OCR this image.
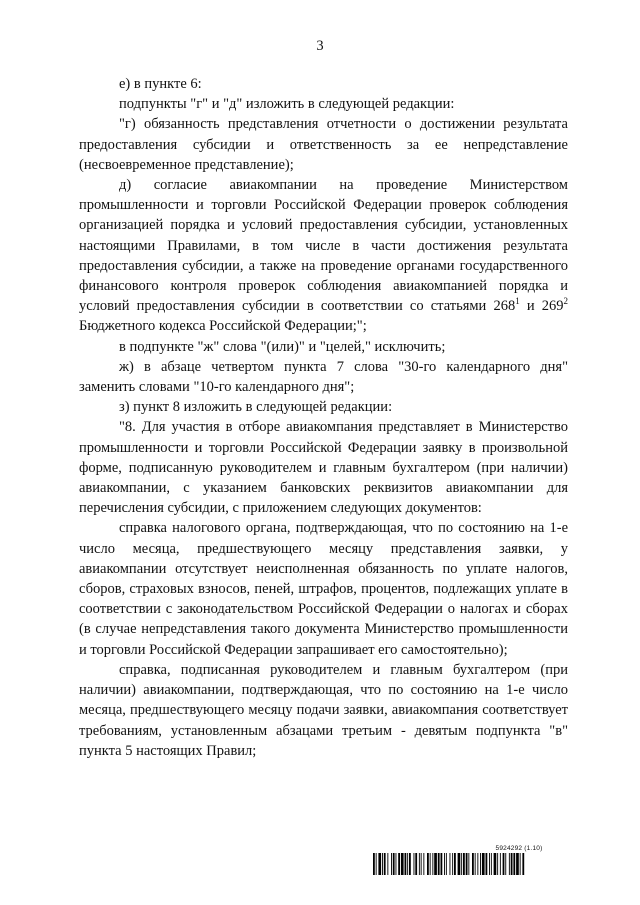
3

е) в пункте 6:

подпункты "г" и "д" изложить в следующей редакции:

"г) обязанность представления отчетности о достижении результата предоставления субсидии и ответственность за ее непредставление (несвоевременное представление);

д) согласие авиакомпании на проведение Министерством промышленности и торговли Российской Федерации проверок соблюдения организацией порядка и условий предоставления субсидии, установленных настоящими Правилами, в том числе в части достижения результата предоставления субсидии, а также на проведение органами государственного финансового контроля проверок соблюдения авиакомпанией порядка и условий предоставления субсидии в соответствии со статьями $268^1$ и $269^2$ Бюджетного кодекса Российской Федерации;";

в подпункте "ж" слова "(или)" и "целей," исключить;

ж) в абзаце четвертом пункта 7 слова "30-го календарного дня" заменить словами "10-го календарного дня";

з) пункт 8 изложить в следующей редакции:

"8. Для участия в отборе авиакомпания представляет в Министерство промышленности и торговли Российской Федерации заявку в произвольной форме, подписанную руководителем и главным бухгалтером (при наличии) авиакомпании, с указанием банковских реквизитов авиакомпании для перечисления субсидии, с приложением следующих документов:

справка налогового органа, подтверждающая, что по состоянию на 1-е число месяца, предшествующего месяцу представления заявки, у авиакомпании отсутствует неисполненная обязанность по уплате налогов, сборов, страховых взносов, пеней, штрафов, процентов, подлежащих уплате в соответствии с законодательством Российской Федерации о налогах и сборах (в случае непредставления такого документа Министерство промышленности и торговли Российской Федерации запрашивает его самостоятельно);

справка, подписанная руководителем и главным бухгалтером (при наличии) авиакомпании, подтверждающая, что по состоянию на 1-е число месяца, предшествующего месяцу подачи заявки, авиакомпания соответствует требованиям, установленным абзацами третьим - девятым подпункта "в" пункта 5 настоящих Правил;

5924292 (1.10)
